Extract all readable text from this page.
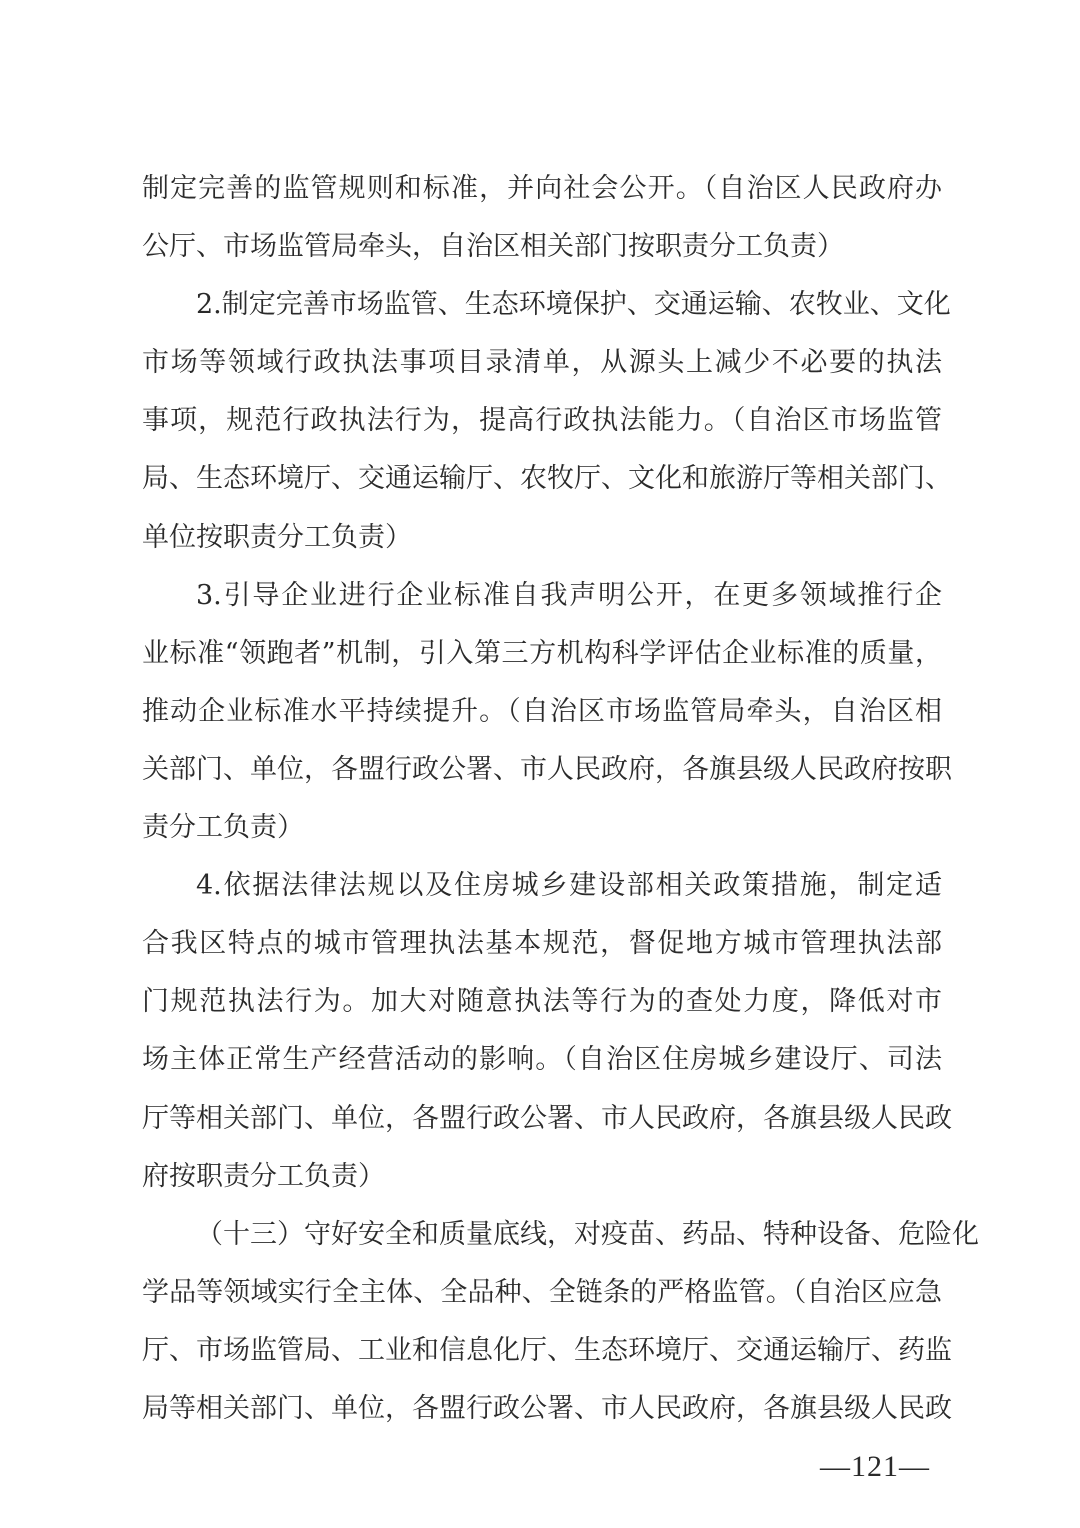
制定完善的监管规则和标准，并向社会公开。（自治区人民政府办
公厅、市场监管局牵头，自治区相关部门按职责分工负责）
2.制定完善市场监管、生态环境保护、交通运输、农牧业、文化
市场等领域行政执法事项目录清单，从源头上减少不必要的执法
事项，规范行政执法行为，提高行政执法能力。（自治区市场监管
局、生态环境厅、交通运输厅、农牧厅、文化和旅游厅等相关部门、
单位按职责分工负责）
3.引导企业进行企业标准自我声明公开，在更多领域推行企
业标准“领跑者”机制，引入第三方机构科学评估企业标准的质量，
推动企业标准水平持续提升。（自治区市场监管局牵头，自治区相
关部门、单位，各盟行政公署、市人民政府，各旗县级人民政府按职
责分工负责）
4.依据法律法规以及住房城乡建设部相关政策措施，制定适
合我区特点的城市管理执法基本规范，督促地方城市管理执法部
门规范执法行为。加大对随意执法等行为的查处力度，降低对市
场主体正常生产经营活动的影响。（自治区住房城乡建设厅、司法
厅等相关部门、单位，各盟行政公署、市人民政府，各旗县级人民政
府按职责分工负责）
（十三）守好安全和质量底线，对疫苗、药品、特种设备、危险化
学品等领域实行全主体、全品种、全链条的严格监管。（自治区应急
厅、市场监管局、工业和信息化厅、生态环境厅、交通运输厅、药监
局等相关部门、单位，各盟行政公署、市人民政府，各旗县级人民政
—121—
